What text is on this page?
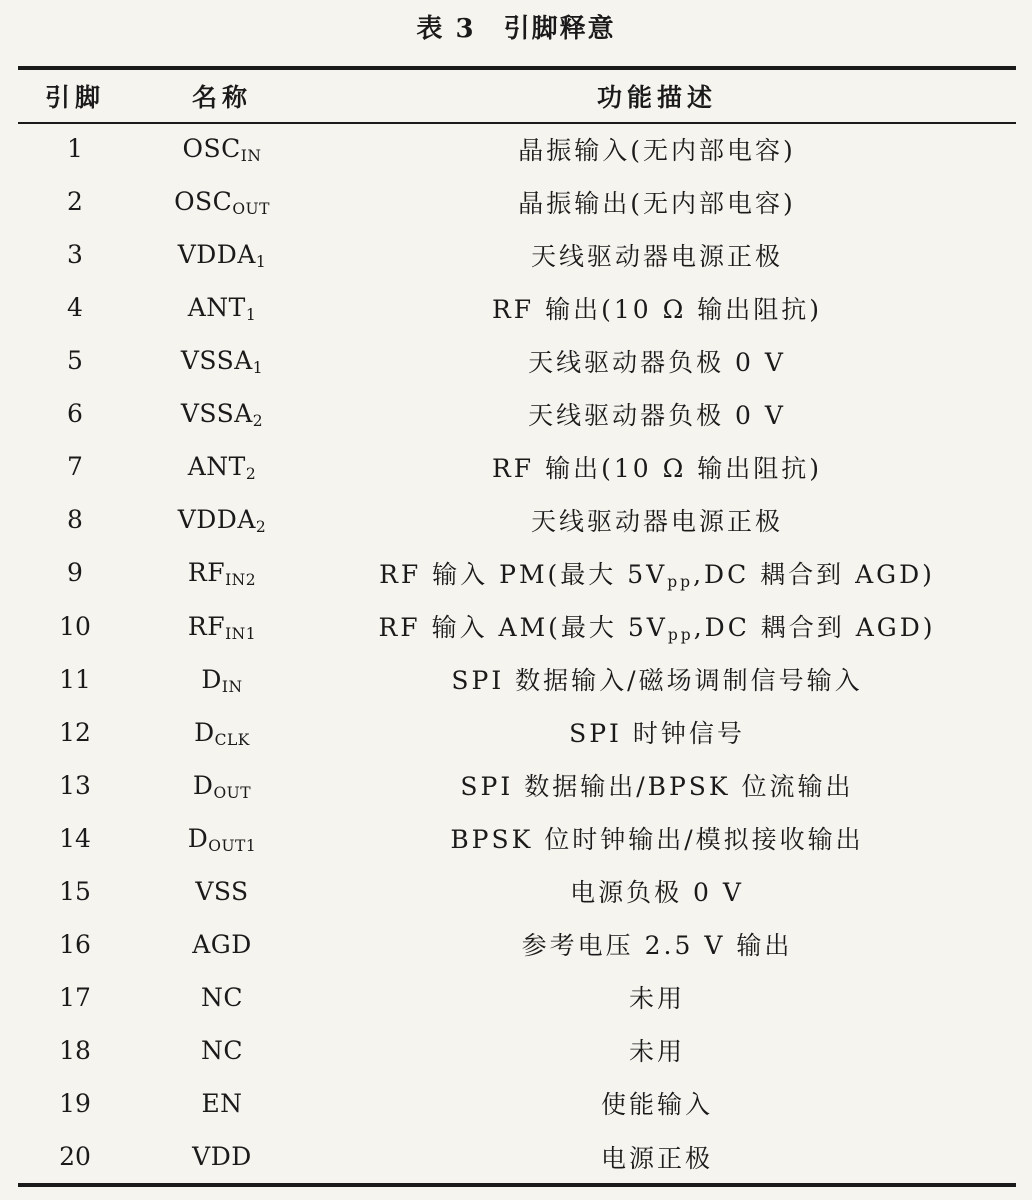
表 3　引脚释意
引脚	名称	功能描述
1	$OSC_{IN}$	晶振输入(无内部电容)
2	$OSC_{OUT}$	晶振输出(无内部电容)
3	$VDDA_1$	天线驱动器电源正极
4	$ANT_1$	RF 输出(10 Ω 输出阻抗)
5	$VSSA_1$	天线驱动器负极 0 V
6	$VSSA_2$	天线驱动器负极 0 V
7	$ANT_2$	RF 输出(10 Ω 输出阻抗)
8	$VDDA_2$	天线驱动器电源正极
9	$RF_{IN2}$	RF 输入 PM(最大 $5V_{pp},DC$ 耦合到 AGD)
10	$RF_{IN1}$	RF 输入 AM(最大 $5V_{pp},DC$ 耦合到 AGD)
11	$D_{IN}$	SPI 数据输入/磁场调制信号输入
12	$D_{CLK}$	SPI 时钟信号
13	$D_{OUT}$	SPI 数据输出/BPSK 位流输出
14	$D_{OUT1}$	BPSK 位时钟输出/模拟接收输出
15	VSS	电源负极 0 V
16	AGD	参考电压 2.5 V 输出
17	NC	未用
18	NC	未用
19	EN	使能输入
20	VDD	电源正极
